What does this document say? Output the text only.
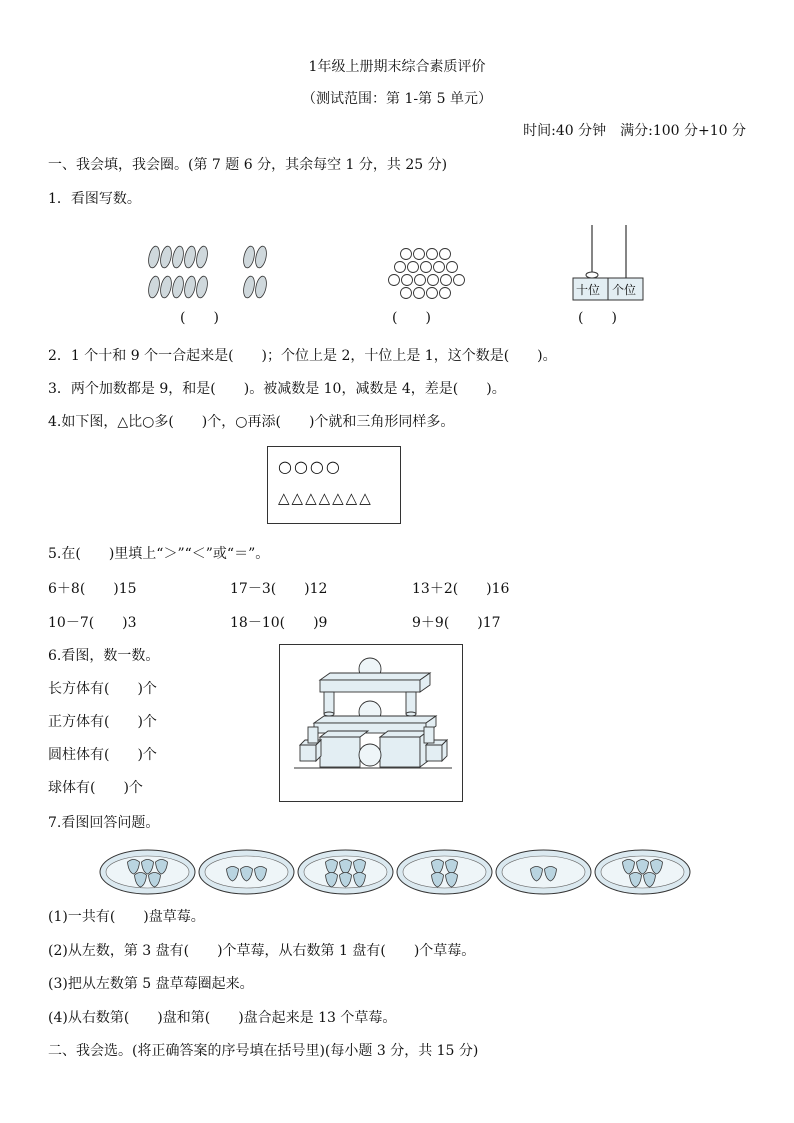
1年级上册期末综合素质评价
（测试范围：第 1-第 5 单元）
时间:40 分钟　满分:100 分+10 分
一、我会填，我会圈。(第 7 题 6 分，其余每空 1 分，共 25 分)
1．看图写数。
十位 个位
(　　)	(　　)	(　　)
2．1 个十和 9 个一合起来是(　　)；个位上是 2，十位上是 1，这个数是(　　)。
3．两个加数都是 9，和是(　　)。被减数是 10，减数是 4，差是(　　)。
4.如下图，△比○多(　　)个，○再添(　　)个就和三角形同样多。
○○○○
△△△△△△△
5.在(　　)里填上“＞”“＜”或“＝”。
6＋8(　　)15	17－3(　　)12	13＋2(　　)16
10－7(　　)3	18－10(　　)9	9＋9(　　)17
6.看图，数一数。
长方体有(　　)个
正方体有(　　)个
圆柱体有(　　)个
球体有(　　)个
7.看图回答问题。
(1)一共有(　　)盘草莓。
(2)从左数，第 3 盘有(　　)个草莓，从右数第 1 盘有(　　)个草莓。
(3)把从左数第 5 盘草莓圈起来。
(4)从右数第(　　)盘和第(　　)盘合起来是 13 个草莓。
二、我会选。(将正确答案的序号填在括号里)(每小题 3 分，共 15 分)
